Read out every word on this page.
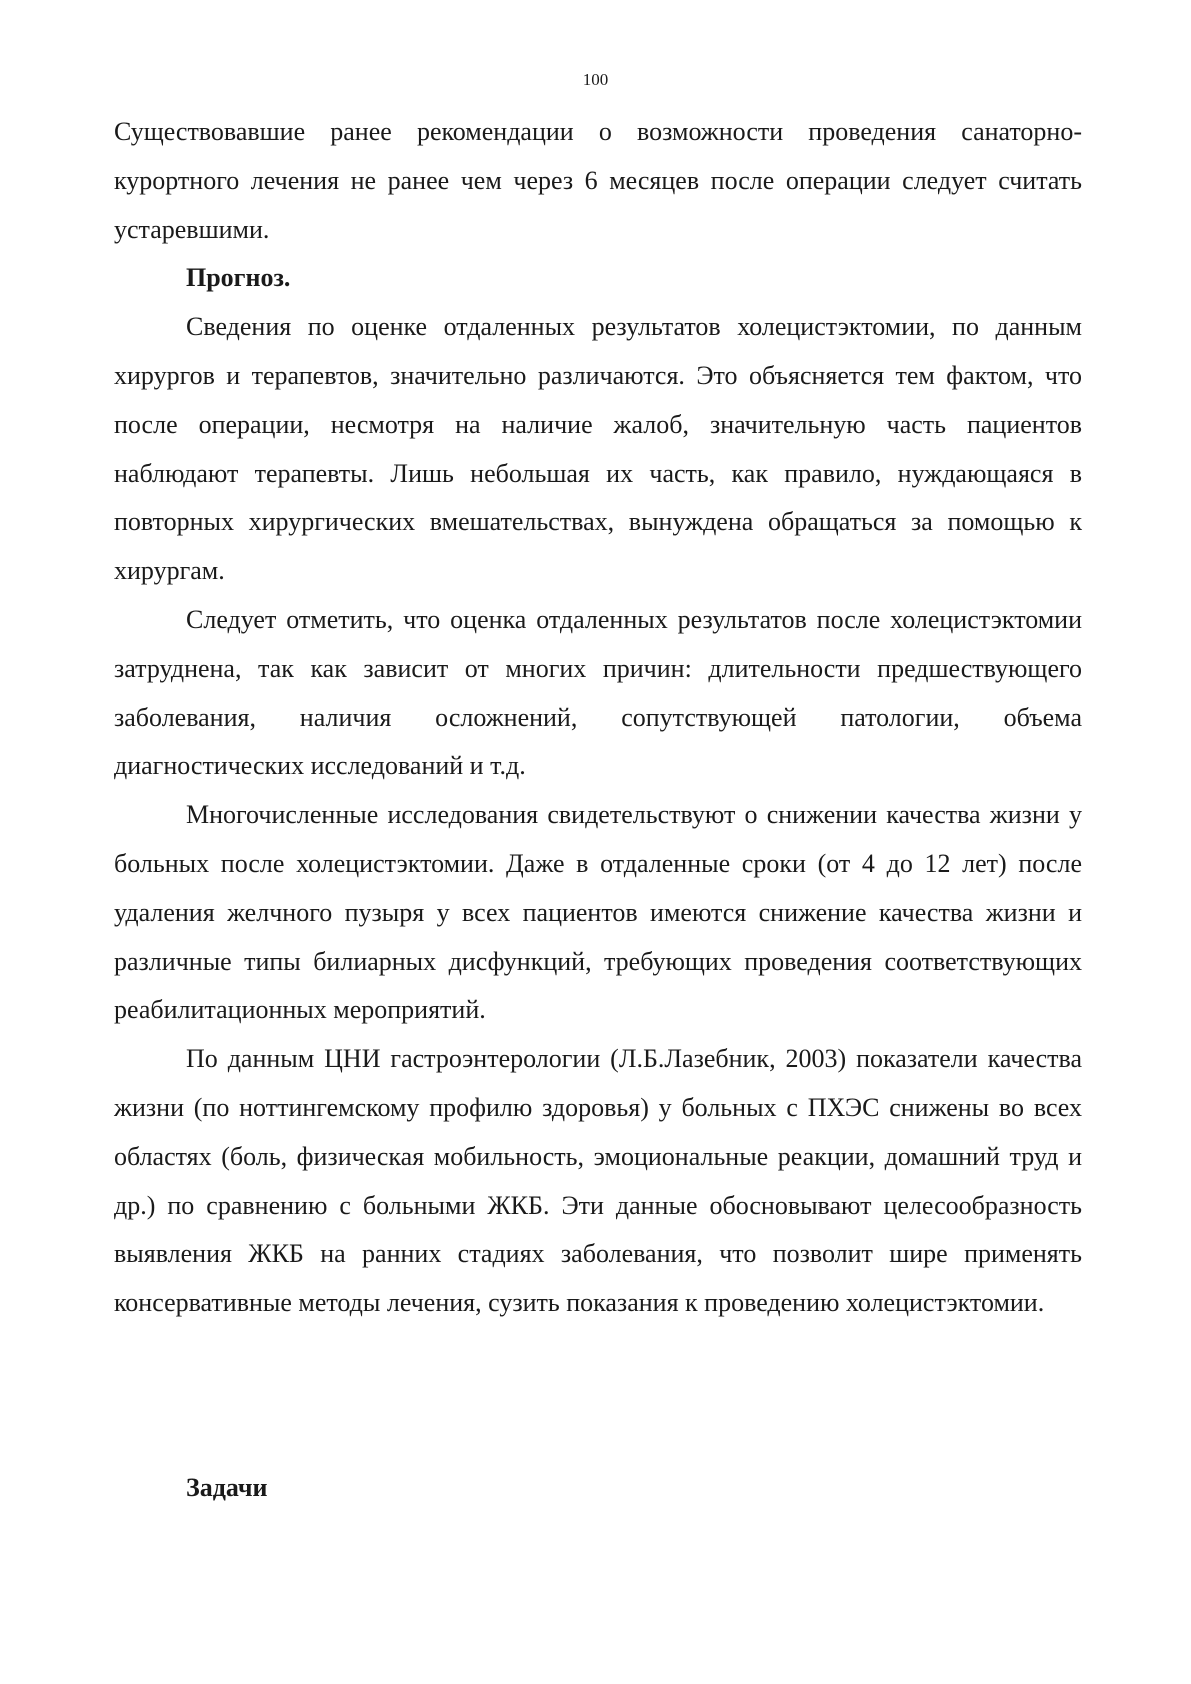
100

Существовавшие ранее рекомендации о возможности проведения санаторно-курортного лечения не ранее чем через 6 месяцев после операции следует считать устаревшими.

Прогноз.

Сведения по оценке отдаленных результатов холецистэктомии, по данным хирургов и терапевтов, значительно различаются. Это объясняется тем фактом, что после операции, несмотря на наличие жалоб, значительную часть пациентов наблюдают терапевты. Лишь небольшая их часть, как правило, нуждающаяся в повторных хирургических вмешательствах, вынуждена обращаться за помощью к хирургам.

Следует отметить, что оценка отдаленных результатов после холецистэктомии затруднена, так как зависит от многих причин: длительности предшествующего заболевания, наличия осложнений, сопутствующей патологии, объема диагностических исследований и т.д.

Многочисленные исследования свидетельствуют о снижении качества жизни у больных после холецистэктомии. Даже в отдаленные сроки (от 4 до 12 лет) после удаления желчного пузыря у всех пациентов имеются снижение качества жизни и различные типы билиарных дисфункций, требующих проведения соответствующих реабилитационных мероприятий.

По данным ЦНИ гастроэнтерологии (Л.Б.Лазебник, 2003) показатели качества жизни (по ноттингемскому профилю здоровья) у больных с ПХЭС снижены во всех областях (боль, физическая мобильность, эмоциональные реакции, домашний труд и др.) по сравнению с больными ЖКБ. Эти данные обосновывают целесообразность выявления ЖКБ на ранних стадиях заболевания, что позволит шире применять консервативные методы лечения, сузить показания к проведению холецистэктомии.

Задачи
